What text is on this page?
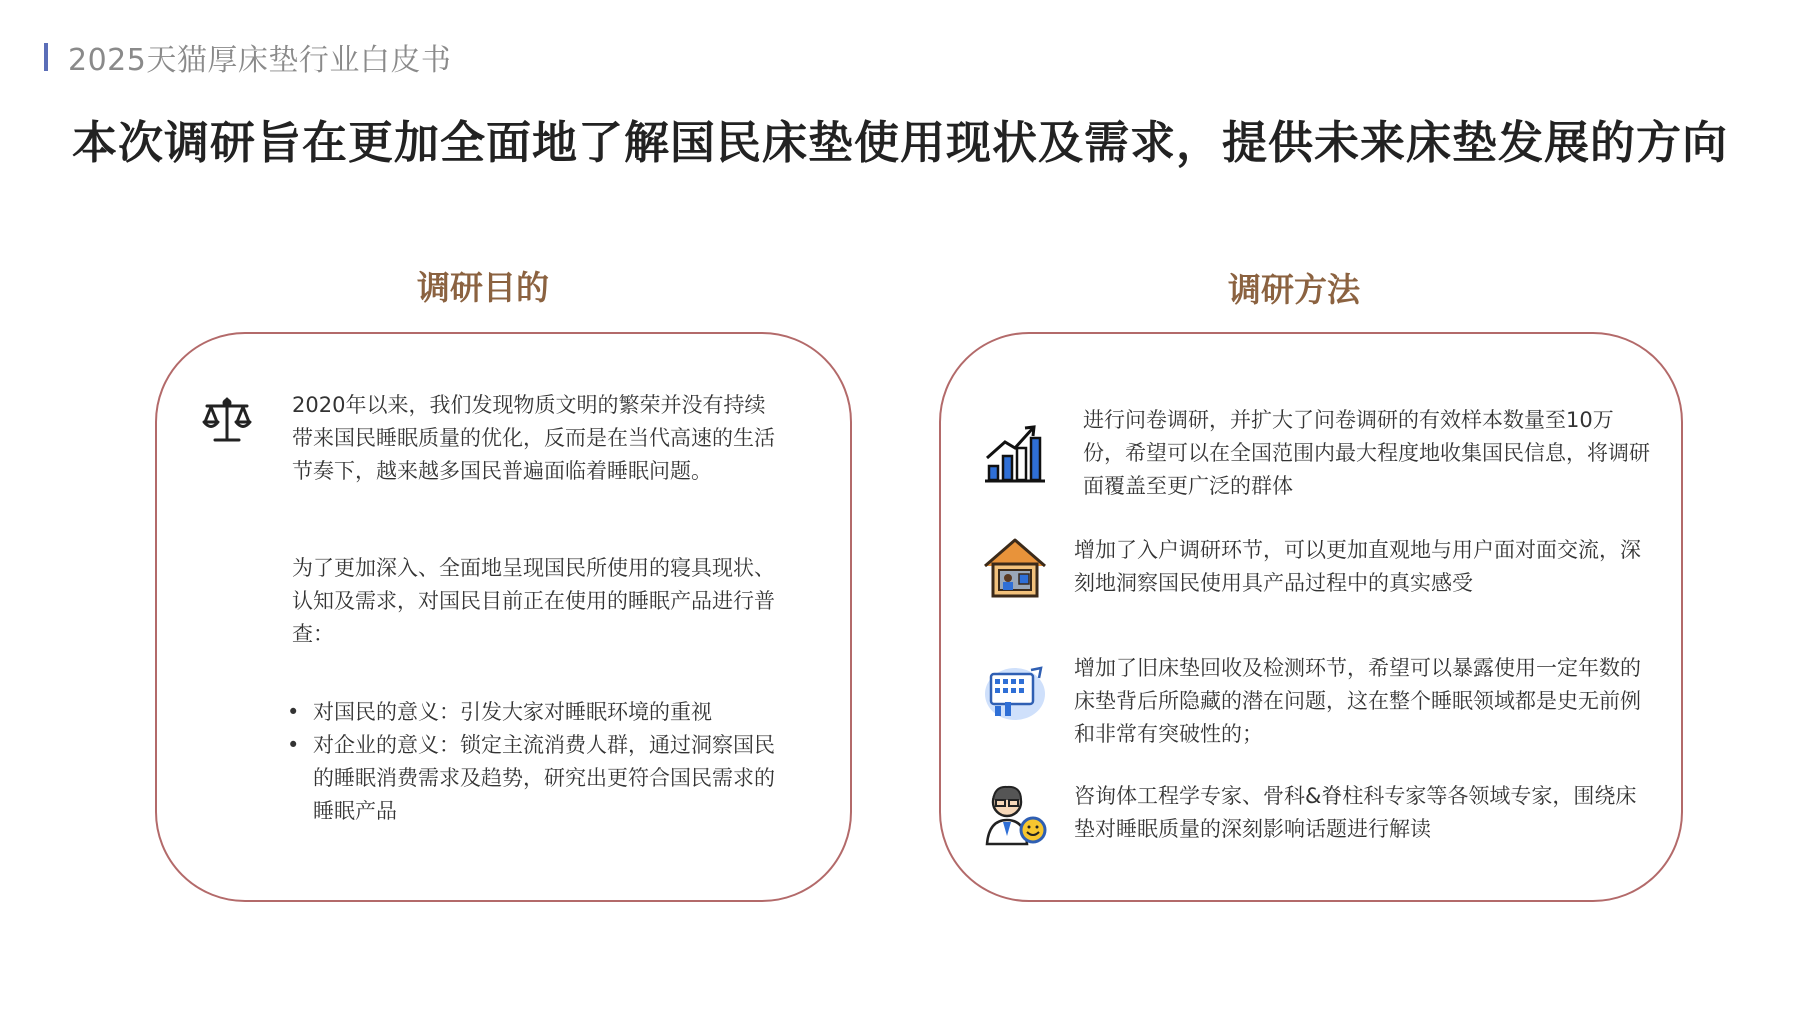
2025天猫厚床垫行业白皮书
本次调研旨在更加全面地了解国民床垫使用现状及需求，提供未来床垫发展的方向
调研目的	调研方法
2020年以来，我们发现物质文明的繁荣并没有持续带来国民睡眠质量的优化，反而是在当代高速的生活节奏下，越来越多国民普遍面临着睡眠问题。
为了更加深入、全面地呈现国民所使用的寝具现状、认知及需求，对国民目前正在使用的睡眠产品进行普查：
• 对国民的意义：引发大家对睡眠环境的重视
• 对企业的意义：锁定主流消费人群，通过洞察国民的睡眠消费需求及趋势，研究出更符合国民需求的睡眠产品
进行问卷调研，并扩大了问卷调研的有效样本数量至10万份，希望可以在全国范围内最大程度地收集国民信息，将调研面覆盖至更广泛的群体
增加了入户调研环节，可以更加直观地与用户面对面交流，深刻地洞察国民使用具产品过程中的真实感受
增加了旧床垫回收及检测环节，希望可以暴露使用一定年数的床垫背后所隐藏的潜在问题，这在整个睡眠领域都是史无前例和非常有突破性的；
咨询体工程学专家、骨科&脊柱科专家等各领域专家，围绕床垫对睡眠质量的深刻影响话题进行解读
